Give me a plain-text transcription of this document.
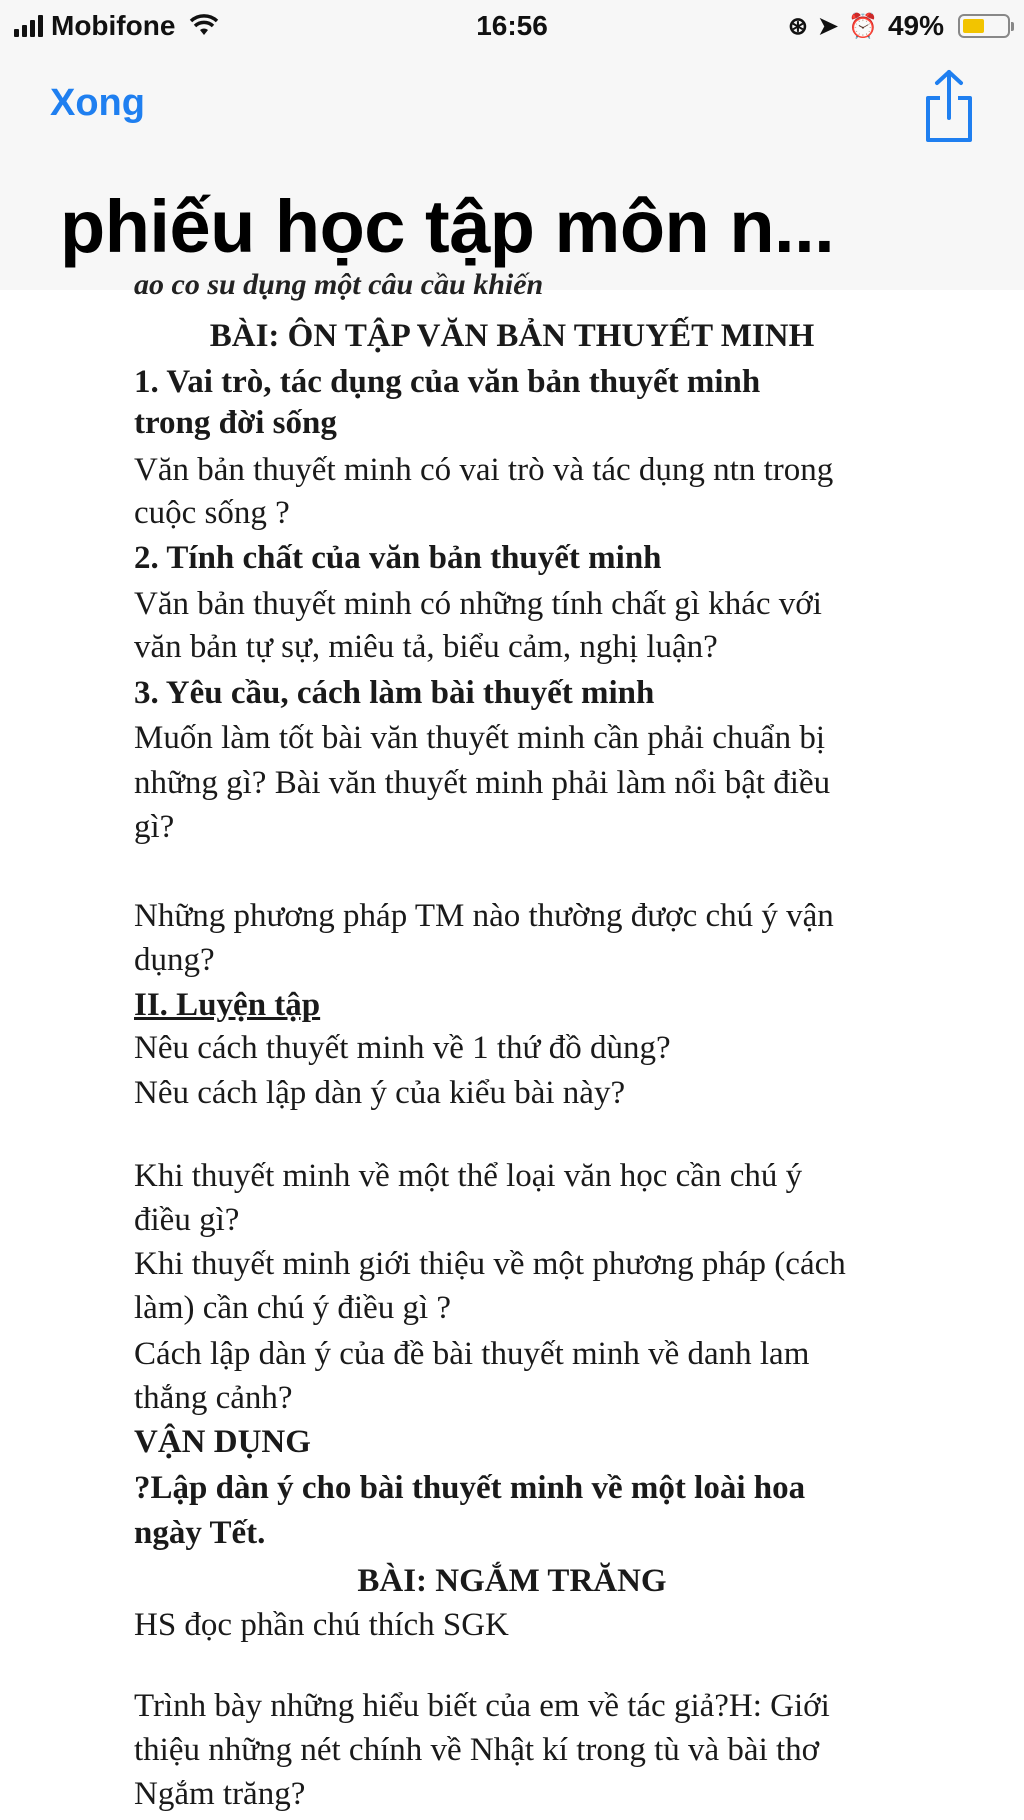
Mobifone	16:56	⊛ ➤ ⏰ 49%
Xong
phiếu học tập môn n...
ao co su dụng một câu cầu khiến
BÀI: ÔN TẬP VĂN BẢN THUYẾT MINH
1. Vai trò, tác dụng của văn bản thuyết minh
trong đời sống
Văn bản thuyết minh có vai trò và tác dụng ntn trong
cuộc sống ?
2. Tính chất của văn bản thuyết minh
Văn bản thuyết minh có những tính chất gì khác với
văn bản tự sự, miêu tả, biểu cảm, nghị luận?
3. Yêu cầu, cách làm bài thuyết minh
Muốn làm tốt bài văn thuyết minh cần phải chuẩn bị
những gì? Bài văn thuyết minh phải làm nổi bật điều
gì?
Những phương pháp TM nào thường được chú ý vận
dụng?
II. Luyện tập
Nêu cách thuyết minh về 1 thứ đồ dùng?
Nêu cách lập dàn ý của kiểu bài này?
Khi thuyết minh về một thể loại văn học cần chú ý
điều gì?
Khi thuyết minh giới thiệu về một phương pháp (cách
làm) cần chú ý điều gì ?
Cách lập dàn ý của đề bài thuyết minh về danh lam
thắng cảnh?
VẬN DỤNG
?Lập dàn ý cho bài thuyết minh về một loài hoa
ngày Tết.
BÀI: NGẮM TRĂNG
HS đọc phần chú thích SGK
Trình bày những hiểu biết của em về tác giả?H: Giới
thiệu những nét chính về Nhật kí trong tù và bài thơ
Ngắm trăng?
